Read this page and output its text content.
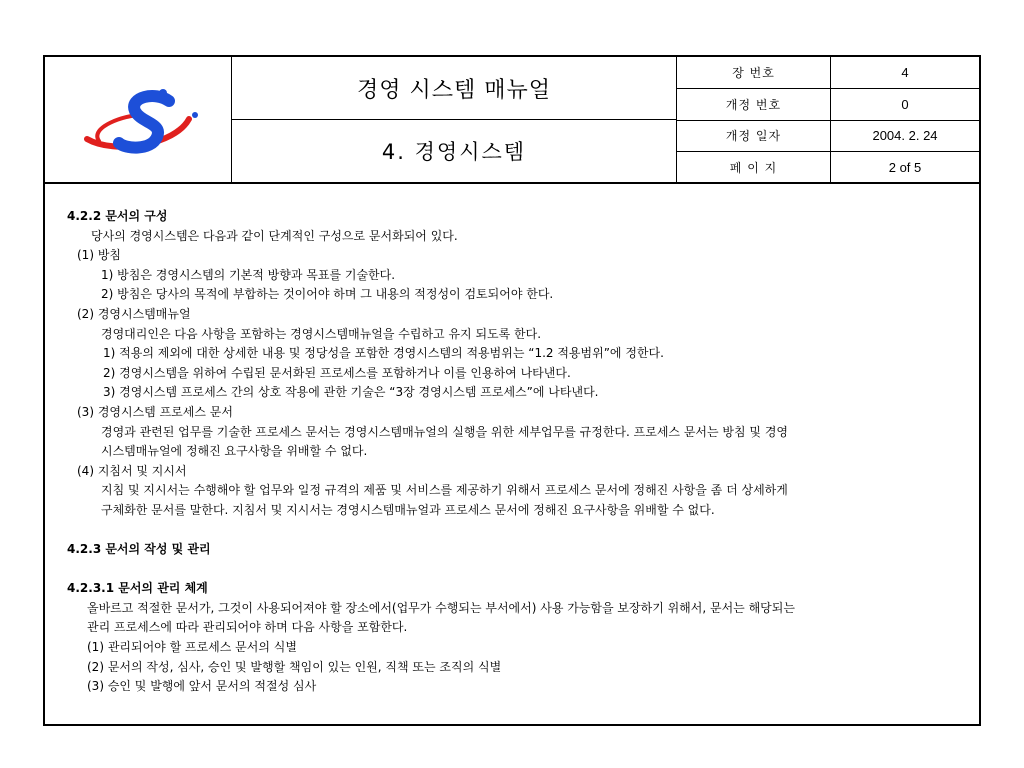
경영 시스템 매뉴얼
4. 경영시스템
장 번호	4
개정 번호	0
개정 일자	2004. 2. 24
페 이 지	2 of 5

4.2.2 문서의 구성

당사의 경영시스템은 다음과 같이 단계적인 구성으로 문서화되어 있다.

(1) 방침

1) 방침은 경영시스템의 기본적 방향과 목표를 기술한다.

2) 방침은 당사의 목적에 부합하는 것이어야 하며 그 내용의 적정성이 검토되어야 한다.

(2) 경영시스템매뉴얼

경영대리인은 다음 사항을 포함하는 경영시스템매뉴얼을 수립하고 유지 되도록 한다.

1) 적용의 제외에 대한 상세한 내용 및 정당성을 포함한 경영시스템의 적용범위는 “1.2 적용범위”에 정한다.

2) 경영시스템을 위하여 수립된 문서화된 프로세스를 포함하거나 이를 인용하여 나타낸다.

3) 경영시스템 프로세스 간의 상호 작용에 관한 기술은 “3장 경영시스템 프로세스”에 나타낸다.

(3) 경영시스템 프로세스 문서

경영과 관련된 업무를 기술한 프로세스 문서는 경영시스템매뉴얼의 실행을 위한 세부업무를 규정한다. 프로세스 문서는 방침 및 경영

시스템매뉴얼에 정해진 요구사항을 위배할 수 없다.

(4) 지침서 및 지시서

지침 및 지시서는 수행해야 할 업무와 일정 규격의 제품 및 서비스를 제공하기 위해서 프로세스 문서에 정해진 사항을 좀 더 상세하게

구체화한 문서를 말한다. 지침서 및 지시서는 경영시스템매뉴얼과 프로세스 문서에 정해진 요구사항을 위배할 수 없다.

4.2.3 문서의 작성 및 관리

4.2.3.1 문서의 관리 체계

올바르고 적절한 문서가, 그것이 사용되어져야 할 장소에서(업무가 수행되는 부서에서) 사용 가능함을 보장하기 위해서, 문서는 해당되는

관리 프로세스에 따라 관리되어야 하며 다음 사항을 포함한다.

(1) 관리되어야 할 프로세스 문서의 식별

(2) 문서의 작성, 심사, 승인 및 발행할 책임이 있는 인원, 직책 또는 조직의 식별

(3) 승인 및 발행에 앞서 문서의 적절성 심사
